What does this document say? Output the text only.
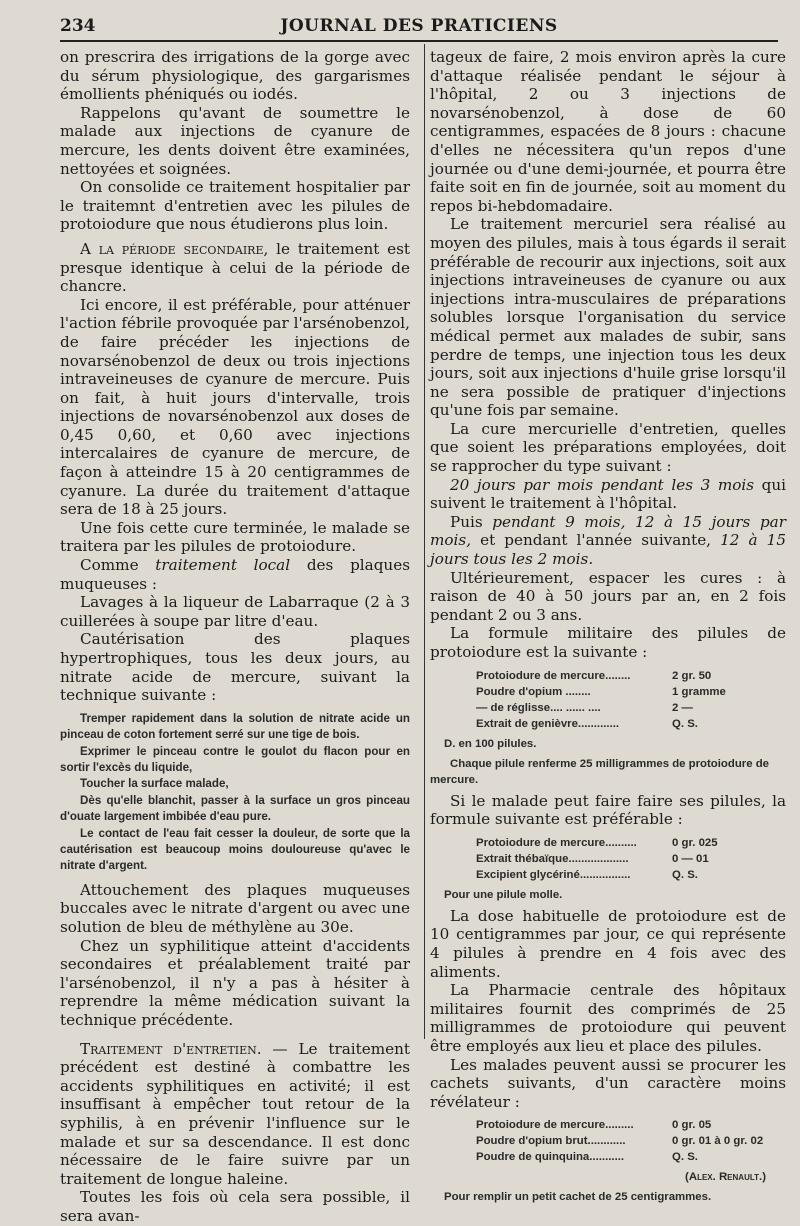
234	JOURNAL DES PRATICIENS

on prescrira des irrigations de la gorge avec du sérum physiologique, des gargarismes émollients phéniqués ou iodés.

Rappelons qu'avant de soumettre le malade aux injections de cyanure de mercure, les dents doivent être examinées, nettoyées et soignées.

On consolide ce traitement hospitalier par le traitemnt d'entretien avec les pilules de protoiodure que nous étudierons plus loin.

A la période secondaire, le traitement est presque identique à celui de la période de chancre.

Ici encore, il est préférable, pour atténuer l'action fébrile provoquée par l'arsénobenzol, de faire précéder les injections de novarsénobenzol de deux ou trois injections intraveineuses de cyanure de mercure. Puis on fait, à huit jours d'intervalle, trois injections de novarsénobenzol aux doses de 0,45 0,60, et 0,60 avec injections intercalaires de cyanure de mercure, de façon à atteindre 15 à 20 centigrammes de cyanure. La durée du traitement d'attaque sera de 18 à 25 jours.

Une fois cette cure terminée, le malade se traitera par les pilules de protoiodure.

Comme traitement local des plaques muqueuses :

Lavages à la liqueur de Labarraque (2 à 3 cuillerées à soupe par litre d'eau.

Cautérisation des plaques hypertrophiques, tous les deux jours, au nitrate acide de mercure, suivant la technique suivante :

Tremper rapidement dans la solution de nitrate acide un pinceau de coton fortement serré sur une tige de bois.

Exprimer le pinceau contre le goulot du flacon pour en sortir l'excès du liquide,

Toucher la surface malade,

Dès qu'elle blanchit, passer à la surface un gros pinceau d'ouate largement imbibée d'eau pure.

Le contact de l'eau fait cesser la douleur, de sorte que la cautérisation est beaucoup moins douloureuse qu'avec le nitrate d'argent.

Attouchement des plaques muqueuses buccales avec le nitrate d'argent ou avec une solution de bleu de méthylène au 30e.

Chez un syphilitique atteint d'accidents secondaires et préalablement traité par l'arsénobenzol, il n'y a pas à hésiter à reprendre la même médication suivant la technique précédente.

Traitement d'entretien. — Le traitement précédent est destiné à combattre les accidents syphilitiques en activité; il est insuffisant à empêcher tout retour de la syphilis, à en prévenir l'influence sur le malade et sur sa descendance. Il est donc nécessaire de le faire suivre par un traitement de longue haleine.

Toutes les fois où cela sera possible, il sera avan-

tageux de faire, 2 mois environ après la cure d'attaque réalisée pendant le séjour à l'hôpital, 2 ou 3 injections de novarsénobenzol, à dose de 60 centigrammes, espacées de 8 jours : chacune d'elles ne nécessitera qu'un repos d'une journée ou d'une demi-journée, et pourra être faite soit en fin de journée, soit au moment du repos bi-hebdomadaire.

Le traitement mercuriel sera réalisé au moyen des pilules, mais à tous égards il serait préférable de recourir aux injections, soit aux injections intraveineuses de cyanure ou aux injections intra-musculaires de préparations solubles lorsque l'organisation du service médical permet aux malades de subir, sans perdre de temps, une injection tous les deux jours, soit aux injections d'huile grise lorsqu'il ne sera possible de pratiquer d'injections qu'une fois par semaine.

La cure mercurielle d'entretien, quelles que soient les préparations employées, doit se rapprocher du type suivant :

20 jours par mois pendant les 3 mois qui suivent le traitement à l'hôpital.

Puis pendant 9 mois, 12 à 15 jours par mois, et pendant l'année suivante, 12 à 15 jours tous les 2 mois.

Ultérieurement, espacer les cures : à raison de 40 à 50 jours par an, en 2 fois pendant 2 ou 3 ans.

La formule militaire des pilules de protoiodure est la suivante :

Protoiodure de mercure........	2 gr. 50
Poudre d'opium ........	1 gramme
— de réglisse.... ...... ....	2 —
Extrait de genièvre.............	Q. S.
D. en 100 pilules.
Chaque pilule renferme 25 milligrammes de protoiodure de mercure.

Si le malade peut faire faire ses pilules, la formule suivante est préférable :

Protoiodure de mercure..........	0 gr. 025
Extrait thébaïque...................	0 — 01
Excipient glycériné................	Q. S.
Pour une pilule molle.

La dose habituelle de protoiodure est de 10 centigrammes par jour, ce qui représente 4 pilules à prendre en 4 fois avec des aliments.

La Pharmacie centrale des hôpitaux militaires fournit des comprimés de 25 milligrammes de protoiodure qui peuvent être employés aux lieu et place des pilules.

Les malades peuvent aussi se procurer les cachets suivants, d'un caractère moins révélateur :

Protoiodure de mercure.........	0 gr. 05
Poudre d'opium brut............	0 gr. 01 à 0 gr. 02
Poudre de quinquina...........	Q. S.
(Alex. Renault.)
Pour remplir un petit cachet de 25 centigrammes.
